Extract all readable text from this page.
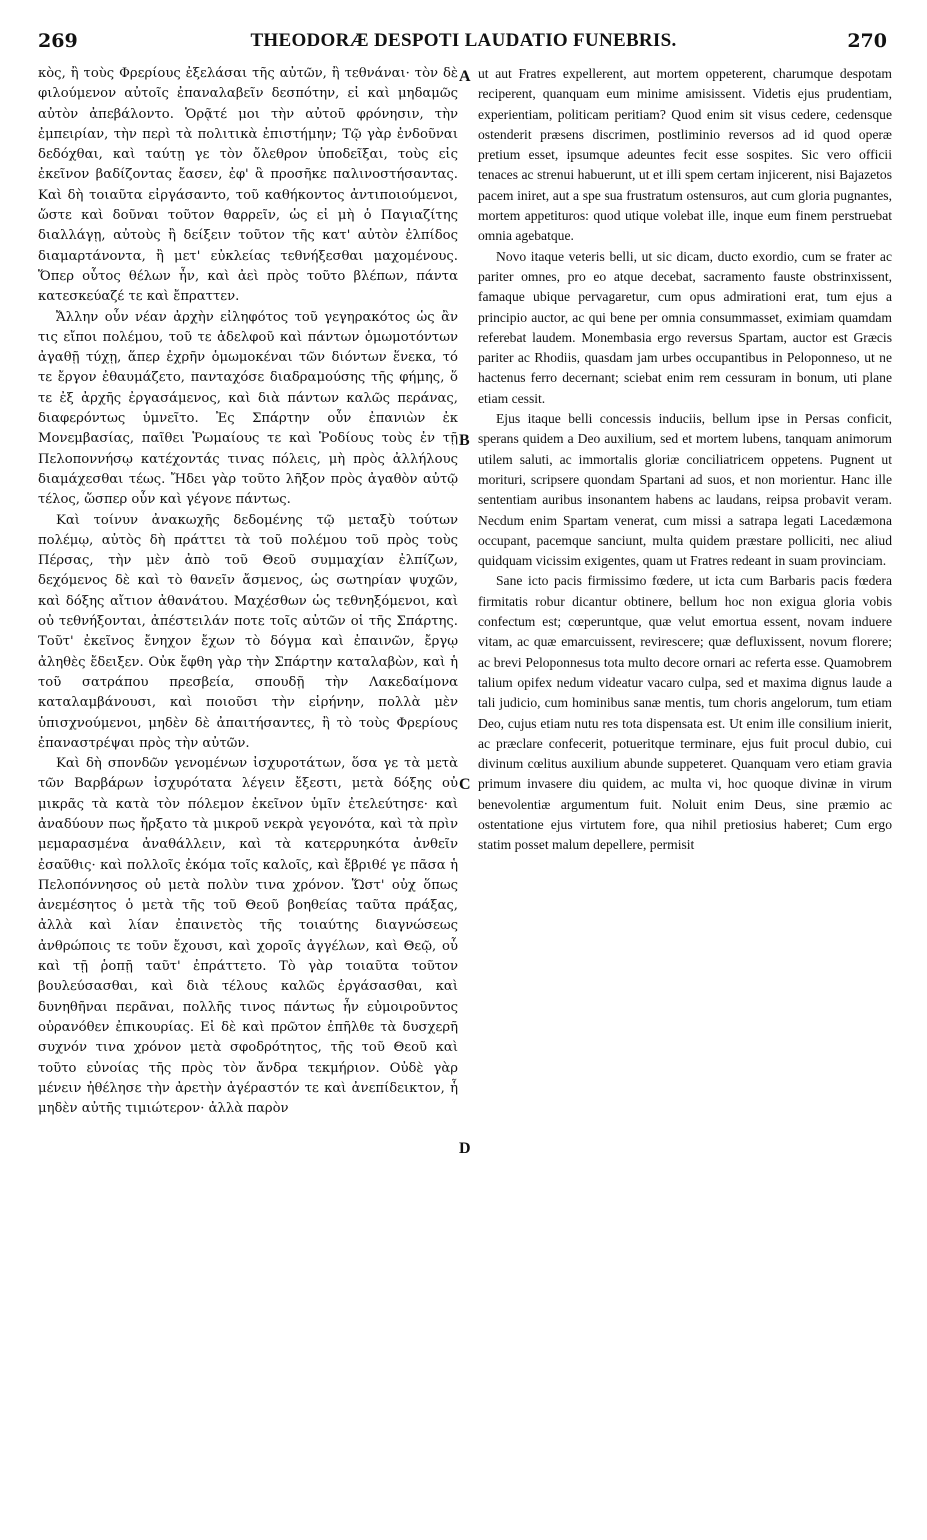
269	THEODORÆ DESPOTI LAUDATIO FUNEBRIS.	270

κὸς, ἢ τοὺς Φρερίους ἐξελάσαι τῆς αὐτῶν, ἢ τεθνάναι· τὸν δὲ φιλούμενον αὐτοῖς ἐπαναλαβεῖν δεσπότην, εἰ καὶ μηδαμῶς αὐτὸν ἀπεβάλοντο. Ὁρᾷτέ μοι τὴν αὐτοῦ φρόνησιν, τὴν ἐμπειρίαν, τὴν περὶ τὰ πολιτικὰ ἐπιστήμην; Τῷ γὰρ ἐνδοῦναι δεδόχθαι, καὶ ταύτῃ γε τὸν ὄλεθρον ὑποδεῖξαι, τοὺς εἰς ἐκεῖνον βαδίζοντας ἔασεν, ἐφ' ἃ προσῆκε παλινοστήσαντας. Καὶ δὴ τοιαῦτα εἰργάσαντο, τοῦ καθήκοντος ἀντιποιούμενοι, ὥστε καὶ δοῦναι τοῦτον θαρρεῖν, ὡς εἰ μὴ ὁ Παγιαζίτης διαλλάγῃ, αὐτοὺς ἢ δείξειν τοῦτον τῆς κατ' αὐτὸν ἐλπίδος διαμαρτάνοντα, ἢ μετ' εὐκλείας τεθνήξεσθαι μαχομένους. Ὅπερ οὗτος θέλων ἦν, καὶ ἀεὶ πρὸς τοῦτο βλέπων, πάντα κατεσκεύαζέ τε καὶ ἔπραττεν.

Ἄλλην οὖν νέαν ἀρχὴν εἰληφότος τοῦ γεγηρακότος ὡς ἂν τις εἴποι πολέμου, τοῦ τε ἀδελφοῦ καὶ πάντων ὁμωμοτόντων ἀγαθῇ τύχῃ, ἅπερ ἐχρῆν ὁμωμοκέναι τῶν διόντων ἕνεκα, τό τε ἔργον ἐθαυμάζετο, πανταχόσε διαδραμούσης τῆς φήμης, ὅ τε ἐξ ἀρχῆς ἐργασάμενος, καὶ διὰ πάντων καλῶς περάνας, διαφερόντως ὑμνεῖτο. Ἐς Σπάρτην οὖν ἐπανιὼν ἐκ Μονεμβασίας, παῖθει Ῥωμαίους τε καὶ Ῥοδίους τοὺς ἐν τῇ Πελοποννήσῳ κατέχοντάς τινας πόλεις, μὴ πρὸς ἀλλήλους διαμάχεσθαι τέως. Ἤδει γὰρ τοῦτο λῆξον πρὸς ἀγαθὸν αὐτῷ τέλος, ὥσπερ οὖν καὶ γέγονε πάντως.

Καὶ τοίνυν ἀνακωχῆς δεδομένης τῷ μεταξὺ τούτων πολέμῳ, αὐτὸς δὴ πράττει τὰ τοῦ πολέμου τοῦ πρὸς τοὺς Πέρσας, τὴν μὲν ἀπὸ τοῦ Θεοῦ συμμαχίαν ἐλπίζων, δεχόμενος δὲ καὶ τὸ θανεῖν ἄσμενος, ὡς σωτηρίαν ψυχῶν, καὶ δόξης αἴτιον ἀθανάτου. Μαχέσθων ὡς τεθνηξόμενοι, καὶ οὐ τεθνήξονται, ἀπέστειλάν ποτε τοῖς αὐτῶν οἱ τῆς Σπάρτης. Τοῦτ' ἐκεῖνος ἔνηχον ἔχων τὸ δόγμα καὶ ἐπαινῶν, ἔργῳ ἀληθὲς ἔδειξεν. Οὐκ ἔφθη γὰρ τὴν Σπάρτην καταλαβὼν, καὶ ἡ τοῦ σατράπου πρεσβεία, σπουδῇ τὴν Λακεδαίμονα καταλαμβάνουσι, καὶ ποιοῦσι τὴν εἰρήνην, πολλὰ μὲν ὑπισχνούμενοι, μηδὲν δὲ ἀπαιτήσαντες, ἢ τὸ τοὺς Φρερίους ἐπαναστρέψαι πρὸς τὴν αὐτῶν.

Καὶ δὴ σπονδῶν γενομένων ἰσχυροτάτων, ὅσα γε τὰ μετὰ τῶν Βαρβάρων ἰσχυρότατα λέγειν ἔξεστι, μετὰ δόξης οὐ μικρᾶς τὰ κατὰ τὸν πόλεμον ἐκεῖνον ὑμῖν ἐτελεύτησε· καὶ ἀναδύουν πως ἤρξατο τὰ μικροῦ νεκρὰ γεγονότα, καὶ τὰ πρὶν μεμαρασμένα ἀναθάλλειν, καὶ τὰ κατερρυηκότα ἀνθεῖν ἐσαῦθις· καὶ πολλοῖς ἐκόμα τοῖς καλοῖς, καὶ ἔβριθέ γε πᾶσα ἡ Πελοπόννησος οὐ μετὰ πολὺν τινα χρόνον. Ὥστ' οὐχ ὅπως ἀνεμέσητος ὁ μετὰ τῆς τοῦ Θεοῦ βοηθείας ταῦτα πράξας, ἀλλὰ καὶ λίαν ἐπαινετὸς τῆς τοιαύτης διαγνώσεως ἀνθρώποις τε τοῦν ἔχουσι, καὶ χοροῖς ἀγγέλων, καὶ Θεῷ, οὗ καὶ τῇ ῥοπῇ ταῦτ' ἐπράττετο. Τὸ γὰρ τοιαῦτα τοῦτον βουλεύσασθαι, καὶ διὰ τέλους καλῶς ἐργάσασθαι, καὶ δυνηθῆναι περᾶναι, πολλῆς τινος πάντως ἦν εὐμοιροῦντος οὐρανόθεν ἐπικουρίας. Εἰ δὲ καὶ πρῶτον ἐπῆλθε τὰ δυσχερῆ συχνόν τινα χρόνον μετὰ σφοδρότητος, τῆς τοῦ Θεοῦ καὶ τοῦτο εὐνοίας τῆς πρὸς τὸν ἄνδρα τεκμήριον. Οὐδὲ γὰρ μένειν ἠθέλησε τὴν ἀρετὴν ἀγέραστόν τε καὶ ἀνεπίδεικτον, ἧ μηδὲν αὐτῆς τιμιώτερον· ἀλλὰ παρὸν

A
B
C
D

ut aut Fratres expellerent, aut mortem oppeterent, charumque despotam reciperent, quanquam eum minime amisissent. Videtis ejus prudentiam, experientiam, politicam peritiam? Quod enim sit visus cedere, cedensque ostenderit præsens discrimen, postliminio reversos ad id quod operæ pretium esset, ipsumque adeuntes fecit esse sospites. Sic vero officii tenaces ac strenui habuerunt, ut et illi spem certam injicerent, nisi Bajazetos pacem iniret, aut a spe sua frustratum ostensuros, aut cum gloria pugnantes, mortem appetituros: quod utique volebat ille, inque eum finem perstruebat omnia agebatque.

Novo itaque veteris belli, ut sic dicam, ducto exordio, cum se frater ac pariter omnes, pro eo atque decebat, sacramento fauste obstrinxissent, famaque ubique pervagaretur, cum opus admirationi erat, tum ejus a principio auctor, ac qui bene per omnia consummasset, eximiam quamdam referebat laudem. Monembasia ergo reversus Spartam, auctor est Græcis pariter ac Rhodiis, quasdam jam urbes occupantibus in Peloponneso, ut ne hactenus ferro decernant; sciebat enim rem cessuram in bonum, uti plane etiam cessit.

Ejus itaque belli concessis induciis, bellum ipse in Persas conficit, sperans quidem a Deo auxilium, sed et mortem lubens, tanquam animorum utilem saluti, ac immortalis gloriæ conciliatricem oppetens. Pugnent ut morituri, scripsere quondam Spartani ad suos, et non morientur. Hanc ille sententiam auribus insonantem habens ac laudans, reipsa probavit veram. Necdum enim Spartam venerat, cum missi a satrapa legati Lacedæmona occupant, pacemque sanciunt, multa quidem præstare polliciti, nec aliud quidquam vicissim exigentes, quam ut Fratres redeant in suam provinciam.

Sane icto pacis firmissimo fœdere, ut icta cum Barbaris pacis fœdera firmitatis robur dicantur obtinere, bellum hoc non exigua gloria vobis confectum est; cœperuntque, quæ velut emortua essent, novam induere vitam, ac quæ emarcuissent, revirescere; quæ defluxissent, novum florere; ac brevi Peloponnesus tota multo decore ornari ac referta esse. Quamobrem talium opifex nedum videatur vacaro culpa, sed et maxima dignus laude a tali judicio, cum hominibus sanæ mentis, tum choris angelorum, tum etiam Deo, cujus etiam nutu res tota dispensata est. Ut enim ille consilium inierit, ac præclare confecerit, potueritque terminare, ejus fuit procul dubio, cui divinum cœlitus auxilium abunde suppeteret. Quanquam vero etiam gravia primum invasere diu quidem, ac multa vi, hoc quoque divinæ in virum benevolentiæ argumentum fuit. Noluit enim Deus, sine præmio ac ostentatione ejus virtutem fore, qua nihil pretiosius haberet; Cum ergo statim posset malum depellere, permisit
